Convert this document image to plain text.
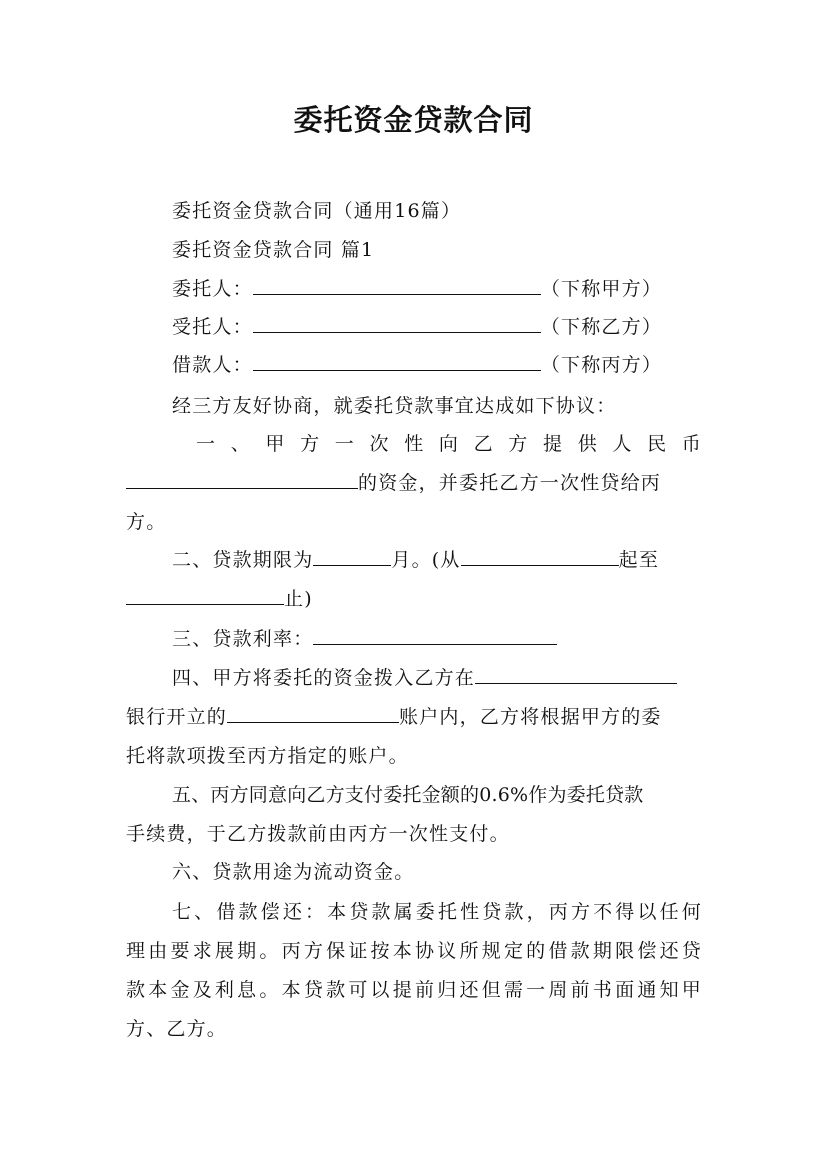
委托资金贷款合同
委托资金贷款合同（通用16篇）
委托资金贷款合同 篇1
委托人：	（下称甲方）
受托人：	（下称乙方）
借款人：	（下称丙方）
经三方友好协商，就委托贷款事宜达成如下协议：
一、甲方一次性向乙方提供人民币
的资金，并委托乙方一次性贷给丙
方。
二、贷款期限为	月。(从	起至
止)
三、贷款利率：
四、甲方将委托的资金拨入乙方在
银行开立的	账户内，乙方将根据甲方的委
托将款项拨至丙方指定的账户。
五、丙方同意向乙方支付委托金额的0.6%作为委托贷款
手续费，于乙方拨款前由丙方一次性支付。
六、贷款用途为流动资金。
七、借款偿还：本贷款属委托性贷款，丙方不得以任何
理由要求展期。丙方保证按本协议所规定的借款期限偿还贷
款本金及利息。本贷款可以提前归还但需一周前书面通知甲
方、乙方。
